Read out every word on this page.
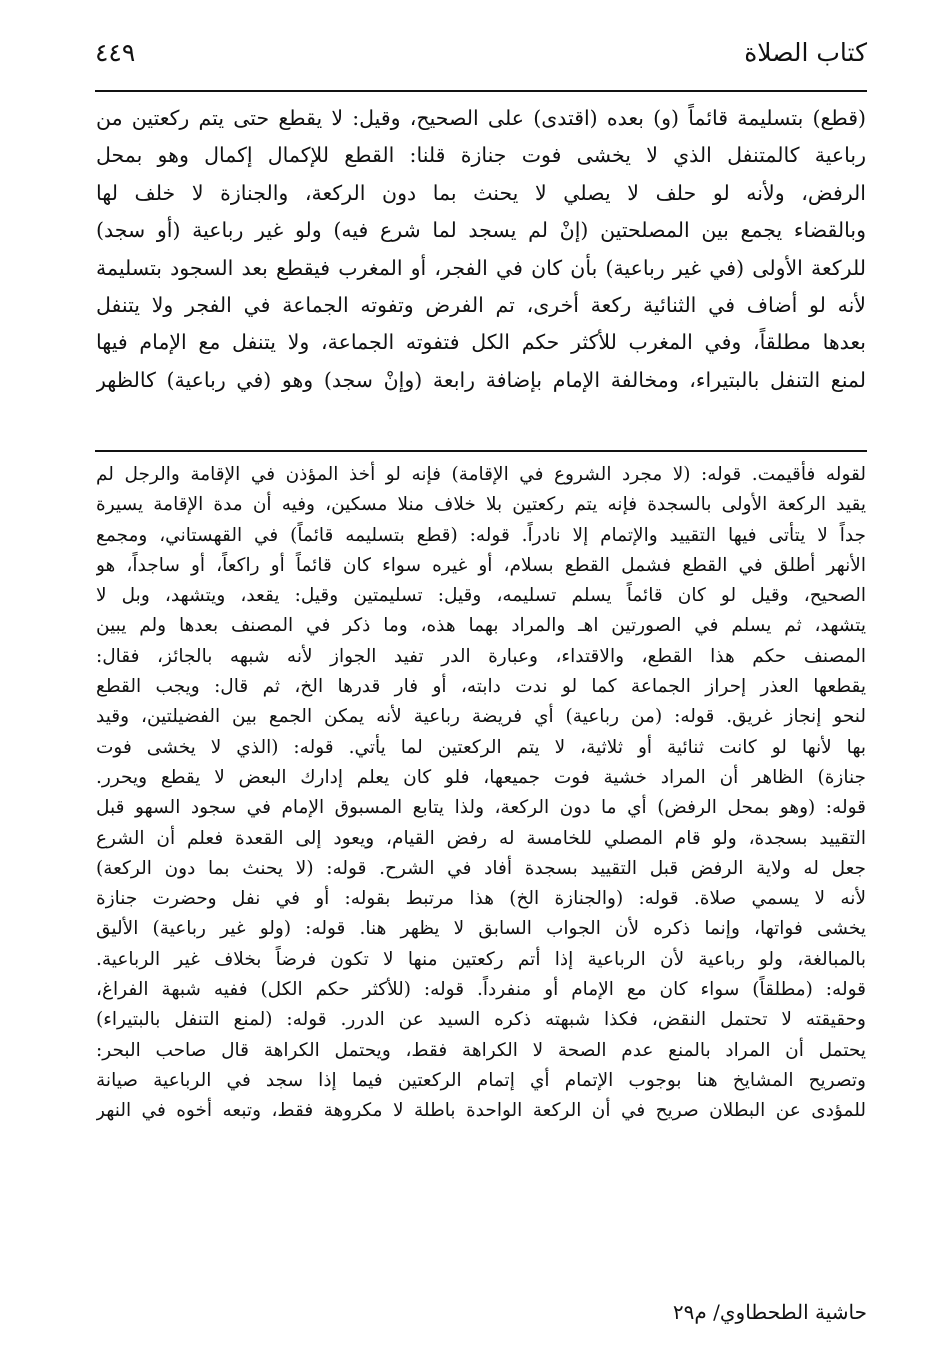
كتاب الصلاة
٤٤٩
(قطع) بتسليمة قائماً (و) بعده (اقتدى) على الصحيح، وقيل: لا يقطع حتى يتم ركعتين من
رباعية كالمتنفل الذي لا يخشى فوت جنازة قلنا: القطع للإكمال إكمال وهو بمحل
الرفض، ولأنه لو حلف لا يصلي لا يحنث بما دون الركعة، والجنازة لا خلف لها
وبالقضاء يجمع بين المصلحتين (إنْ لم يسجد لما شرع فيه) ولو غير رباعية (أو سجد)
للركعة الأولى (في غير رباعية) بأن كان في الفجر، أو المغرب فيقطع بعد السجود بتسليمة
لأنه لو أضاف في الثنائية ركعة أخرى، تم الفرض وتفوته الجماعة في الفجر ولا يتنفل
بعدها مطلقاً، وفي المغرب للأكثر حكم الكل فتفوته الجماعة، ولا يتنفل مع الإمام فيها
لمنع التنفل بالبتيراء، ومخالفة الإمام بإضافة رابعة (وإنْ سجد) وهو (في رباعية) كالظهر
لقوله فأقيمت. قوله: (لا مجرد الشروع في الإقامة) فإنه لو أخذ المؤذن في الإقامة والرجل لم
يقيد الركعة الأولى بالسجدة فإنه يتم ركعتين بلا خلاف منلا مسكين، وفيه أن مدة الإقامة يسيرة
جداً لا يتأتى فيها التقييد والإتمام إلا نادراً. قوله: (قطع بتسليمه قائماً) في القهستاني، ومجمع
الأنهر أطلق في القطع فشمل القطع بسلام، أو غيره سواء كان قائماً أو راكعاً، أو ساجداً، هو
الصحيح، وقيل لو كان قائماً يسلم تسليمه، وقيل: تسليمتين وقيل: يقعد، ويتشهد، وبل لا
يتشهد، ثم يسلم في الصورتين اهـ والمراد بهما هذه، وما ذكر في المصنف بعدها ولم يبين
المصنف حكم هذا القطع، والاقتداء، وعبارة الدر تفيد الجواز لأنه شبهه بالجائز، فقال:
يقطعها العذر إحراز الجماعة كما لو ندت دابته، أو فار قدرها الخ، ثم قال: ويجب القطع
لنحو إنجاز غريق. قوله: (من رباعية) أي فريضة رباعية لأنه يمكن الجمع بين الفضيلتين، وقيد
بها لأنها لو كانت ثنائية أو ثلاثية، لا يتم الركعتين لما يأتي. قوله: (الذي لا يخشى فوت
جنازة) الظاهر أن المراد خشية فوت جميعها، فلو كان يعلم إدارك البعض لا يقطع ويحرر.
قوله: (وهو بمحل الرفض) أي ما دون الركعة، ولذا يتابع المسبوق الإمام في سجود السهو قبل
التقييد بسجدة، ولو قام المصلي للخامسة له رفض القيام، ويعود إلى القعدة فعلم أن الشرع
جعل له ولاية الرفض قبل التقييد بسجدة أفاد في الشرح. قوله: (لا يحنث بما دون الركعة)
لأنه لا يسمي صلاة. قوله: (والجنازة الخ) هذا مرتبط بقوله: أو في نفل وحضرت جنازة
يخشى فواتها، وإنما ذكره لأن الجواب السابق لا يظهر هنا. قوله: (ولو غير رباعية) الأليق
بالمبالغة، ولو رباعية لأن الرباعية إذا أتم ركعتين منها لا تكون فرضاً بخلاف غير الرباعية.
قوله: (مطلقاً) سواء كان مع الإمام أو منفرداً. قوله: (للأكثر حكم الكل) ففيه شبهة الفراغ،
وحقيقته لا تحتمل النقض، فكذا شبهته ذكره السيد عن الدرر. قوله: (لمنع التنفل بالبتيراء)
يحتمل أن المراد بالمنع عدم الصحة لا الكراهة فقط، ويحتمل الكراهة قال صاحب البحر:
وتصريح المشايخ هنا بوجوب الإتمام أي إتمام الركعتين فيما إذا سجد في الرباعية صيانة
للمؤدى عن البطلان صريح في أن الركعة الواحدة باطلة لا مكروهة فقط، وتبعه أخوه في النهر
حاشية الطحطاوي/ م٢٩
